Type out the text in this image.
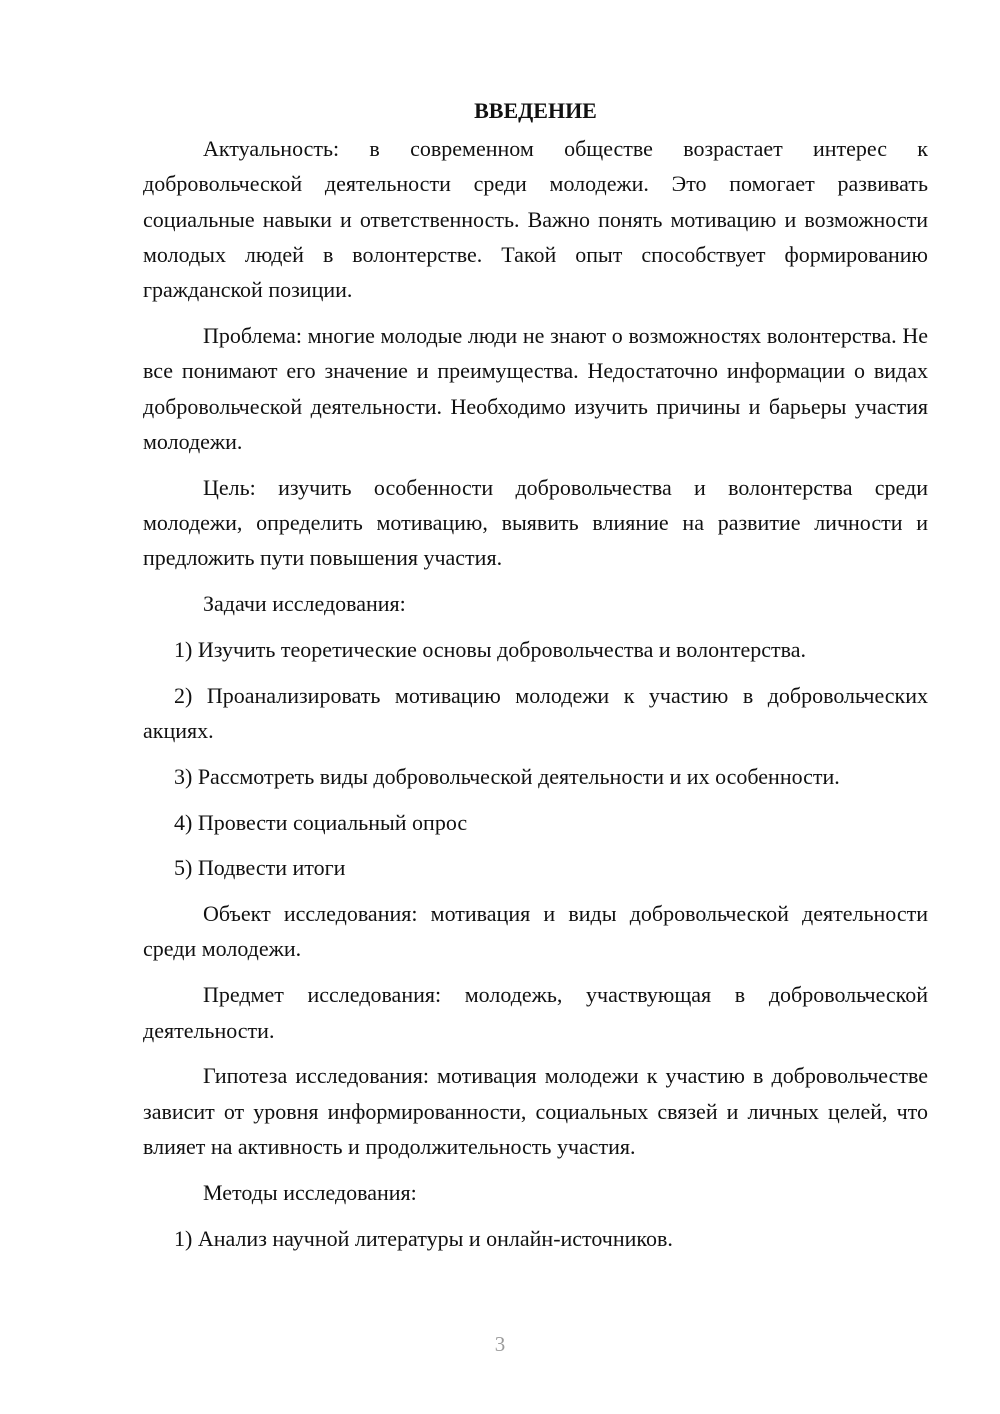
ВВЕДЕНИЕ

Актуальность: в современном обществе возрастает интерес к добровольческой деятельности среди молодежи. Это помогает развивать социальные навыки и ответственность. Важно понять мотивацию и возможности молодых людей в волонтерстве. Такой опыт способствует формированию гражданской позиции.

Проблема: многие молодые люди не знают о возможностях волонтерства. Не все понимают его значение и преимущества. Недостаточно информации о видах добровольческой деятельности. Необходимо изучить причины и барьеры участия молодежи.

Цель: изучить особенности добровольчества и волонтерства среди молодежи, определить мотивацию, выявить влияние на развитие личности и предложить пути повышения участия.

Задачи исследования:

1) Изучить теоретические основы добровольчества и волонтерства.

2) Проанализировать мотивацию молодежи к участию в добровольческих акциях.

3) Рассмотреть виды добровольческой деятельности и их особенности.

4) Провести социальный опрос

5) Подвести итоги

Объект исследования: мотивация и виды добровольческой деятельности среди молодежи.

Предмет исследования: молодежь, участвующая в добровольческой деятельности.

Гипотеза исследования: мотивация молодежи к участию в добровольчестве зависит от уровня информированности, социальных связей и личных целей, что влияет на активность и продолжительность участия.

Методы исследования:

1) Анализ научной литературы и онлайн-источников.

3
